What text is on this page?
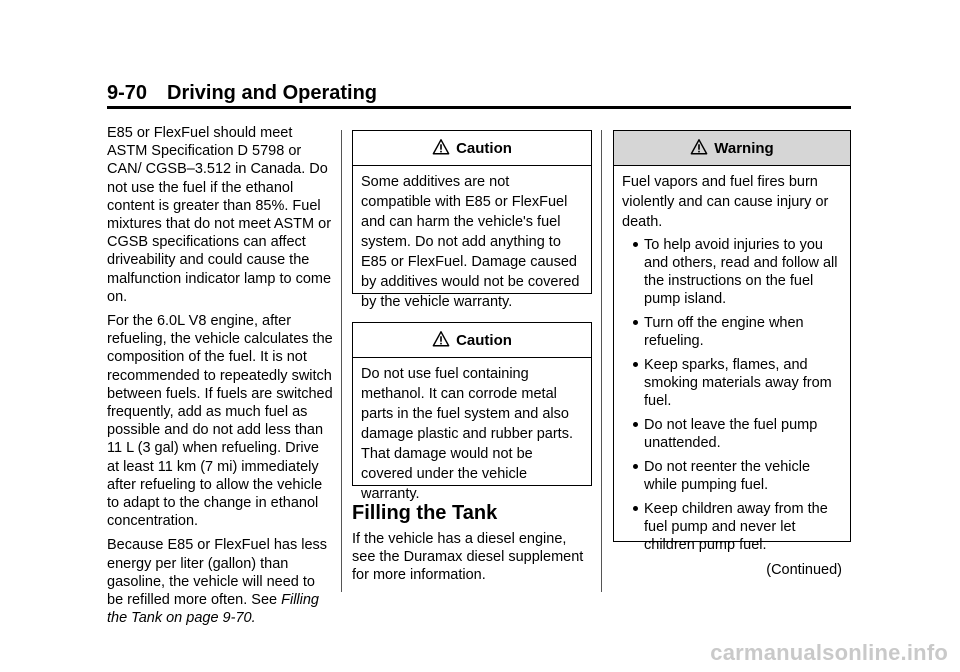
9-70 Driving and Operating

E85 or FlexFuel should meet ASTM Specification D 5798 or CAN/ CGSB–3.512 in Canada. Do not use the fuel if the ethanol content is greater than 85%. Fuel mixtures that do not meet ASTM or CGSB specifications can affect driveability and could cause the malfunction indicator lamp to come on.

For the 6.0L V8 engine, after refueling, the vehicle calculates the composition of the fuel. It is not recommended to repeatedly switch between fuels. If fuels are switched frequently, add as much fuel as possible and do not add less than 11 L (3 gal) when refueling. Drive at least 11 km (7 mi) immediately after refueling to allow the vehicle to adapt to the change in ethanol concentration.

Because E85 or FlexFuel has less energy per liter (gallon) than gasoline, the vehicle will need to be refilled more often. See Filling the Tank on page 9-70.

Caution
Some additives are not compatible with E85 or FlexFuel and can harm the vehicle's fuel system. Do not add anything to E85 or FlexFuel. Damage caused by additives would not be covered by the vehicle warranty.
Caution
Do not use fuel containing methanol. It can corrode metal parts in the fuel system and also damage plastic and rubber parts. That damage would not be covered under the vehicle warranty.
Filling the Tank
If the vehicle has a diesel engine, see the Duramax diesel supplement for more information.
Warning
Fuel vapors and fuel fires burn violently and can cause injury or death.
To help avoid injuries to you and others, read and follow all the instructions on the fuel pump island.
Turn off the engine when refueling.
Keep sparks, flames, and smoking materials away from fuel.
Do not leave the fuel pump unattended.
Do not reenter the vehicle while pumping fuel.
Keep children away from the fuel pump and never let children pump fuel.
(Continued)
carmanualsonline.info
